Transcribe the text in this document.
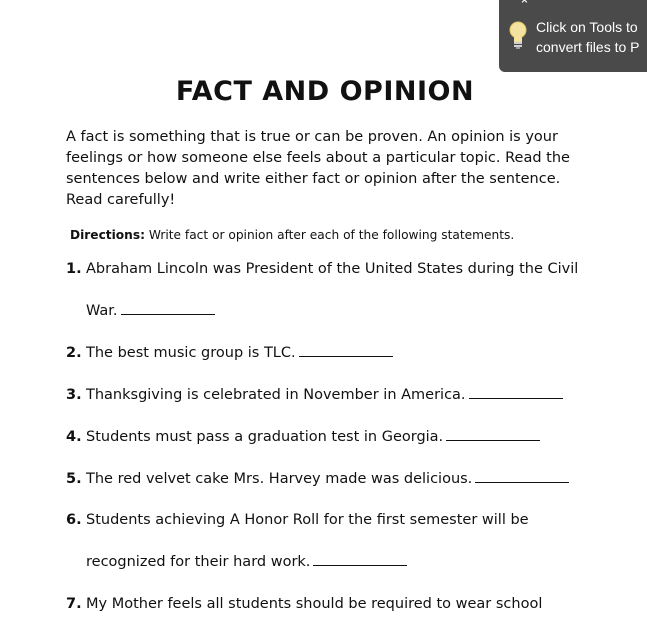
⌃
Click on Tools to
convert files to P
FACT AND OPINION
A fact is something that is true or can be proven. An opinion is your feelings or how someone else feels about a particular topic. Read the sentences below and write either fact or opinion after the sentence. Read carefully!
Directions: Write fact or opinion after each of the following statements.
1. Abraham Lincoln was President of the United States during the Civil
War.
2. The best music group is TLC.
3. Thanksgiving is celebrated in November in America.
4. Students must pass a graduation test in Georgia.
5. The red velvet cake Mrs. Harvey made was delicious.
6. Students achieving A Honor Roll for the first semester will be
recognized for their hard work.
7. My Mother feels all students should be required to wear school
